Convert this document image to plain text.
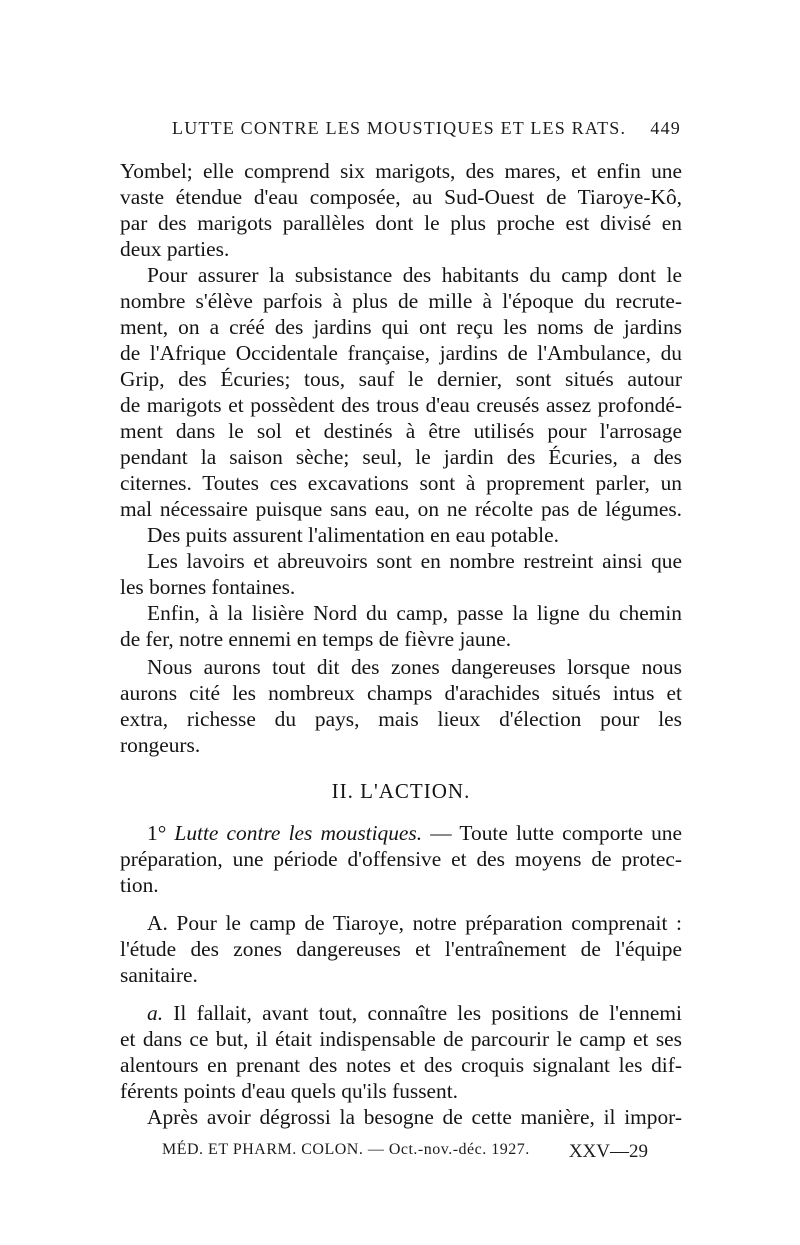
LUTTE CONTRE LES MOUSTIQUES ET LES RATS. 449
Yombel; elle comprend six marigots, des mares, et enfin une
vaste étendue d'eau composée, au Sud-Ouest de Tiaroye-Kô,
par des marigots parallèles dont le plus proche est divisé en
deux parties.
Pour assurer la subsistance des habitants du camp dont le
nombre s'élève parfois à plus de mille à l'époque du recrute-
ment, on a créé des jardins qui ont reçu les noms de jardins
de l'Afrique Occidentale française, jardins de l'Ambulance, du
Grip, des Écuries; tous, sauf le dernier, sont situés autour
de marigots et possèdent des trous d'eau creusés assez profondé-
ment dans le sol et destinés à être utilisés pour l'arrosage
pendant la saison sèche; seul, le jardin des Écuries, a des
citernes. Toutes ces excavations sont à proprement parler, un
mal nécessaire puisque sans eau, on ne récolte pas de légumes.
Des puits assurent l'alimentation en eau potable.
Les lavoirs et abreuvoirs sont en nombre restreint ainsi que
les bornes fontaines.
Enfin, à la lisière Nord du camp, passe la ligne du chemin
de fer, notre ennemi en temps de fièvre jaune.
Nous aurons tout dit des zones dangereuses lorsque nous
aurons cité les nombreux champs d'arachides situés intus et
extra, richesse du pays, mais lieux d'élection pour les
rongeurs.
II. L'ACTION.
1° Lutte contre les moustiques. — Toute lutte comporte une
préparation, une période d'offensive et des moyens de protec-
tion.
A. Pour le camp de Tiaroye, notre préparation comprenait :
l'étude des zones dangereuses et l'entraînement de l'équipe
sanitaire.
a. Il fallait, avant tout, connaître les positions de l'ennemi
et dans ce but, il était indispensable de parcourir le camp et ses
alentours en prenant des notes et des croquis signalant les dif-
férents points d'eau quels qu'ils fussent.
Après avoir dégrossi la besogne de cette manière, il impor-
MÉD. ET PHARM. COLON. — Oct.-nov.-déc. 1927. XXV—29
